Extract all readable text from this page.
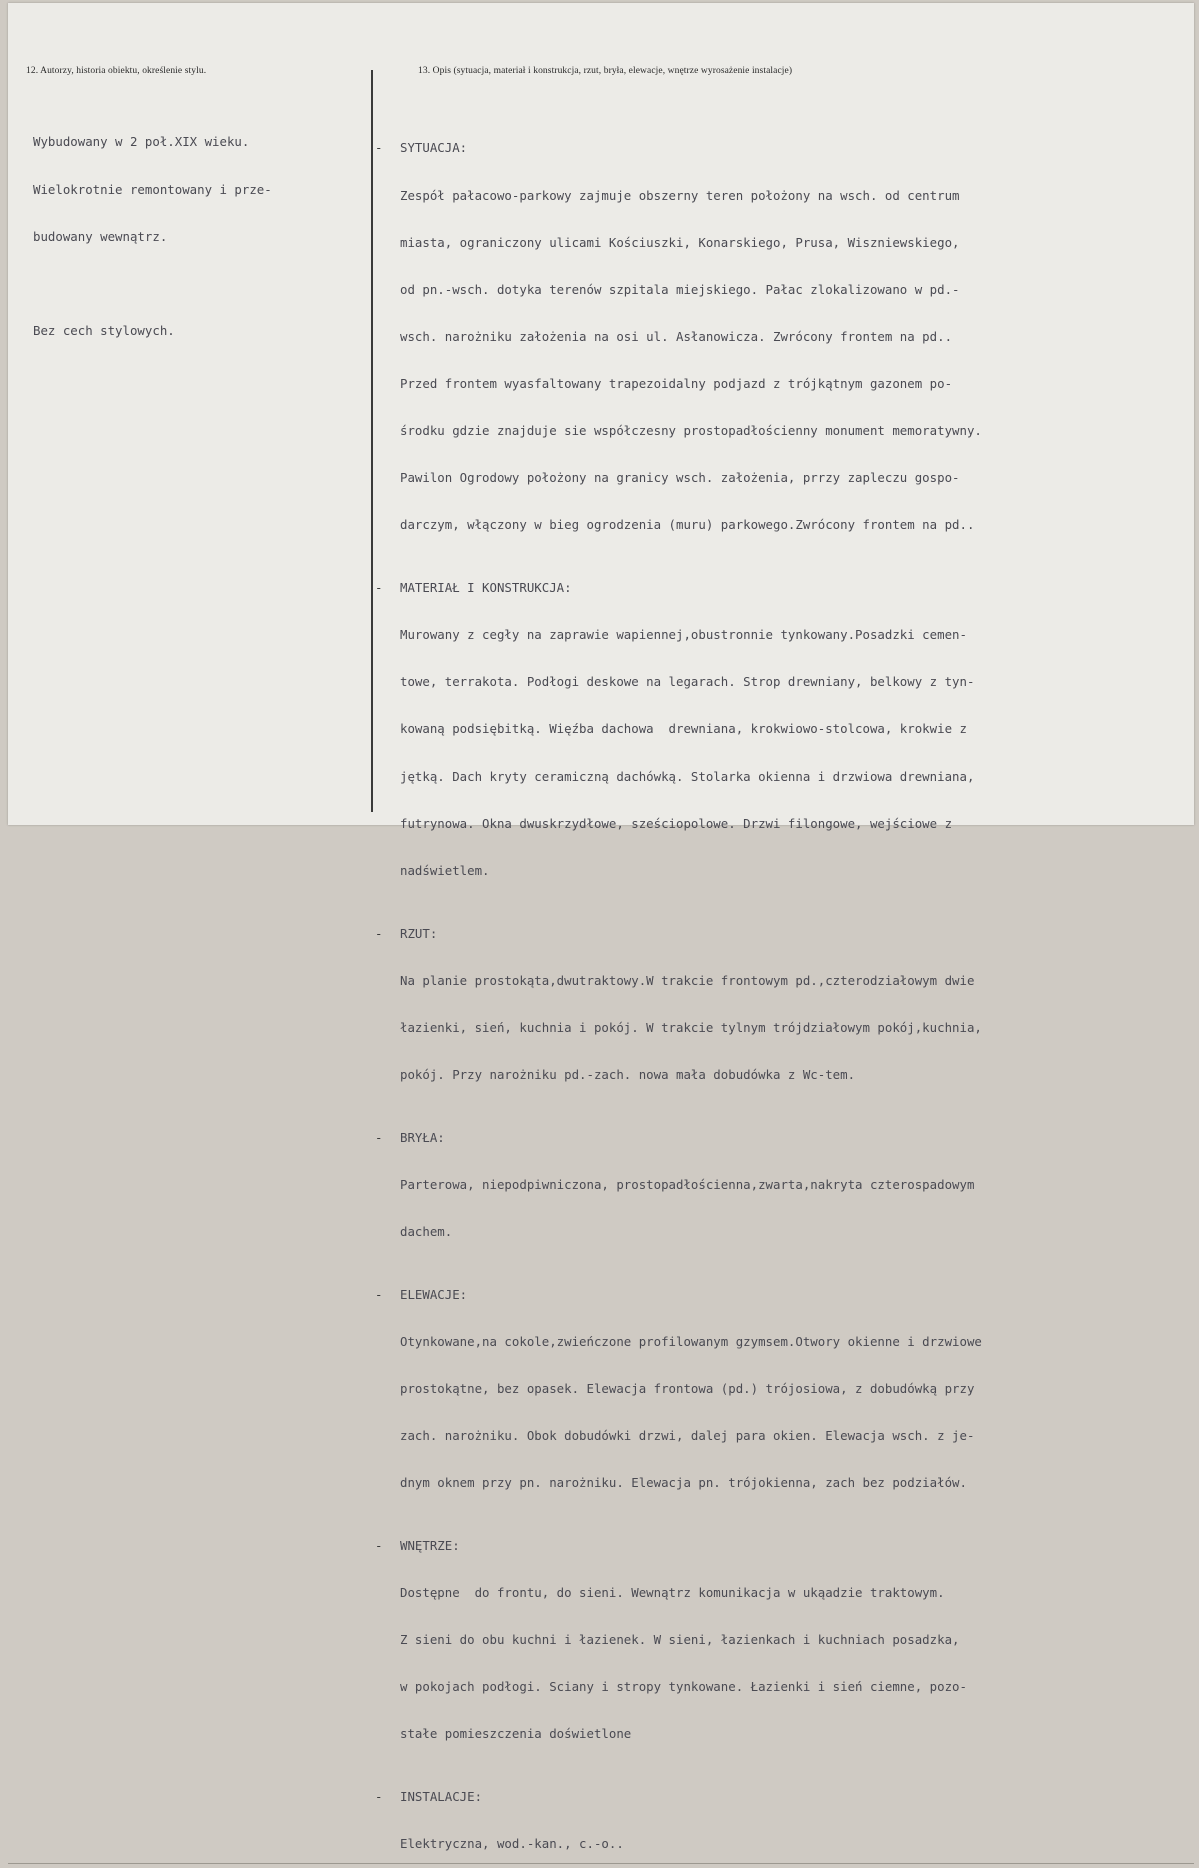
12. Autorzy, historia obiektu, określenie stylu.	13. Opis (sytuacja, materiał i konstrukcja, rzut, bryła, elewacje, wnętrze wyrosażenie instalacje)

Wybudowany w 2 poł.XIX wieku.

Wielokrotnie remontowany i prze-

budowany wewnątrz.

Bez cech stylowych.

- SYTUACJA:

Zespół pałacowo-parkowy zajmuje obszerny teren położony na wsch. od centrum

miasta, ograniczony ulicami Kościuszki, Konarskiego, Prusa, Wiszniewskiego,

od pn.-wsch. dotyka terenów szpitala miejskiego. Pałac zlokalizowano w pd.-

wsch. narożniku założenia na osi ul. Asłanowicza. Zwrócony frontem na pd..

Przed frontem wyasfaltowany trapezoidalny podjazd z trójkątnym gazonem po-

środku gdzie znajduje sie współczesny prostopadłościenny monument memoratywny.

Pawilon Ogrodowy położony na granicy wsch. założenia, prrzy zapleczu gospo-

darczym, włączony w bieg ogrodzenia (muru) parkowego.Zwrócony frontem na pd..

- MATERIAŁ I KONSTRUKCJA:

Murowany z cegły na zaprawie wapiennej,obustronnie tynkowany.Posadzki cemen-

towe, terrakota. Podłogi deskowe na legarach. Strop drewniany, belkowy z tyn-

kowaną podsiębitką. Więźba dachowa  drewniana, krokwiowo-stolcowa, krokwie z

jętką. Dach kryty ceramiczną dachówką. Stolarka okienna i drzwiowa drewniana,

futrynowa. Okna dwuskrzydłowe, sześciopolowe. Drzwi filongowe, wejściowe z

nadświetlem.

- RZUT:

Na planie prostokąta,dwutraktowy.W trakcie frontowym pd.,czterodziałowym dwie

łazienki, sień, kuchnia i pokój. W trakcie tylnym trójdziałowym pokój,kuchnia,

pokój. Przy narożniku pd.-zach. nowa mała dobudówka z Wc-tem.

- BRYŁA:

Parterowa, niepodpiwniczona, prostopadłościenna,zwarta,nakryta czterospadowym

dachem.

- ELEWACJE:

Otynkowane,na cokole,zwieńczone profilowanym gzymsem.Otwory okienne i drzwiowe

prostokątne, bez opasek. Elewacja frontowa (pd.) trójosiowa, z dobudówką przy

zach. narożniku. Obok dobudówki drzwi, dalej para okien. Elewacja wsch. z je-

dnym oknem przy pn. narożniku. Elewacja pn. trójokienna, zach bez podziałów.

- WNĘTRZE:

Dostępne  do frontu, do sieni. Wewnątrz komunikacja w ukąadzie traktowym.

Z sieni do obu kuchni i łazienek. W sieni, łazienkach i kuchniach posadzka,

w pokojach podłogi. Sciany i stropy tynkowane. Łazienki i sień ciemne, pozo-

stałe pomieszczenia doświetlone

- INSTALACJE:

Elektryczna, wod.-kan., c.-o..
